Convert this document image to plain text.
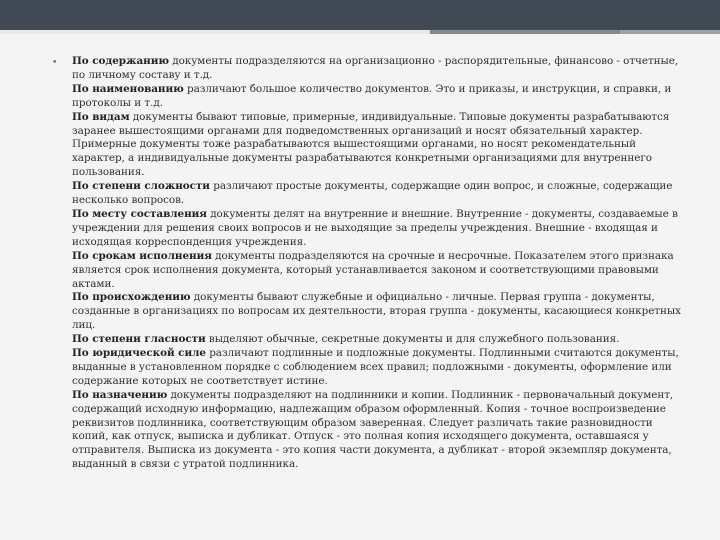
• По содержанию документы подразделяются на организационно - распорядительные, финансово - отчетные, по личному составу и т.д.

По наименованию различают большое количество документов. Это и приказы, и инструкции, и справки, и протоколы и т.д.

По видам документы бывают типовые, примерные, индивидуальные. Типовые документы разрабатываются заранее вышестоящими органами для подведомственных организаций и носят обязательный характер. Примерные документы тоже разрабатываются вышестоящими органами, но носят рекомендательный характер, а индивидуальные документы разрабатываются конкретными организациями для внутреннего пользования.

По степени сложности различают простые документы, содержащие один вопрос, и сложные, содержащие несколько вопросов.

По месту составления документы делят на внутренние и внешние. Внутренние - документы, создаваемые в учреждении для решения своих вопросов и не выходящие за пределы учреждения. Внешние - входящая и исходящая корреспонденция учреждения.

По срокам исполнения документы подразделяются на срочные и несрочные. Показателем этого признака является срок исполнения документа, который устанавливается законом и соответствующими правовыми актами.

По происхождению документы бывают служебные и официально - личные. Первая группа - документы, созданные в организациях по вопросам их деятельности, вторая группа - документы, касающиеся конкретных лиц.

По степени гласности выделяют обычные, секретные документы и для служебного пользования.

По юридической силе различают подлинные и подложные документы. Подлинными считаются документы, выданные в установленном порядке с соблюдением всех правил; подложными - документы, оформление или содержание которых не соответствует истине.

По назначению документы подразделяют на подлинники и копии. Подлинник - первоначальный документ, содержащий исходную информацию, надлежащим образом оформленный. Копия - точное воспроизведение реквизитов подлинника, соответствующим образом заверенная. Следует различать такие разновидности копий, как отпуск, выписка и дубликат. Отпуск - это полная копия исходящего документа, оставшаяся у отправителя. Выписка из документа - это копия части документа, а дубликат - второй экземпляр документа, выданный в связи с утратой подлинника.
